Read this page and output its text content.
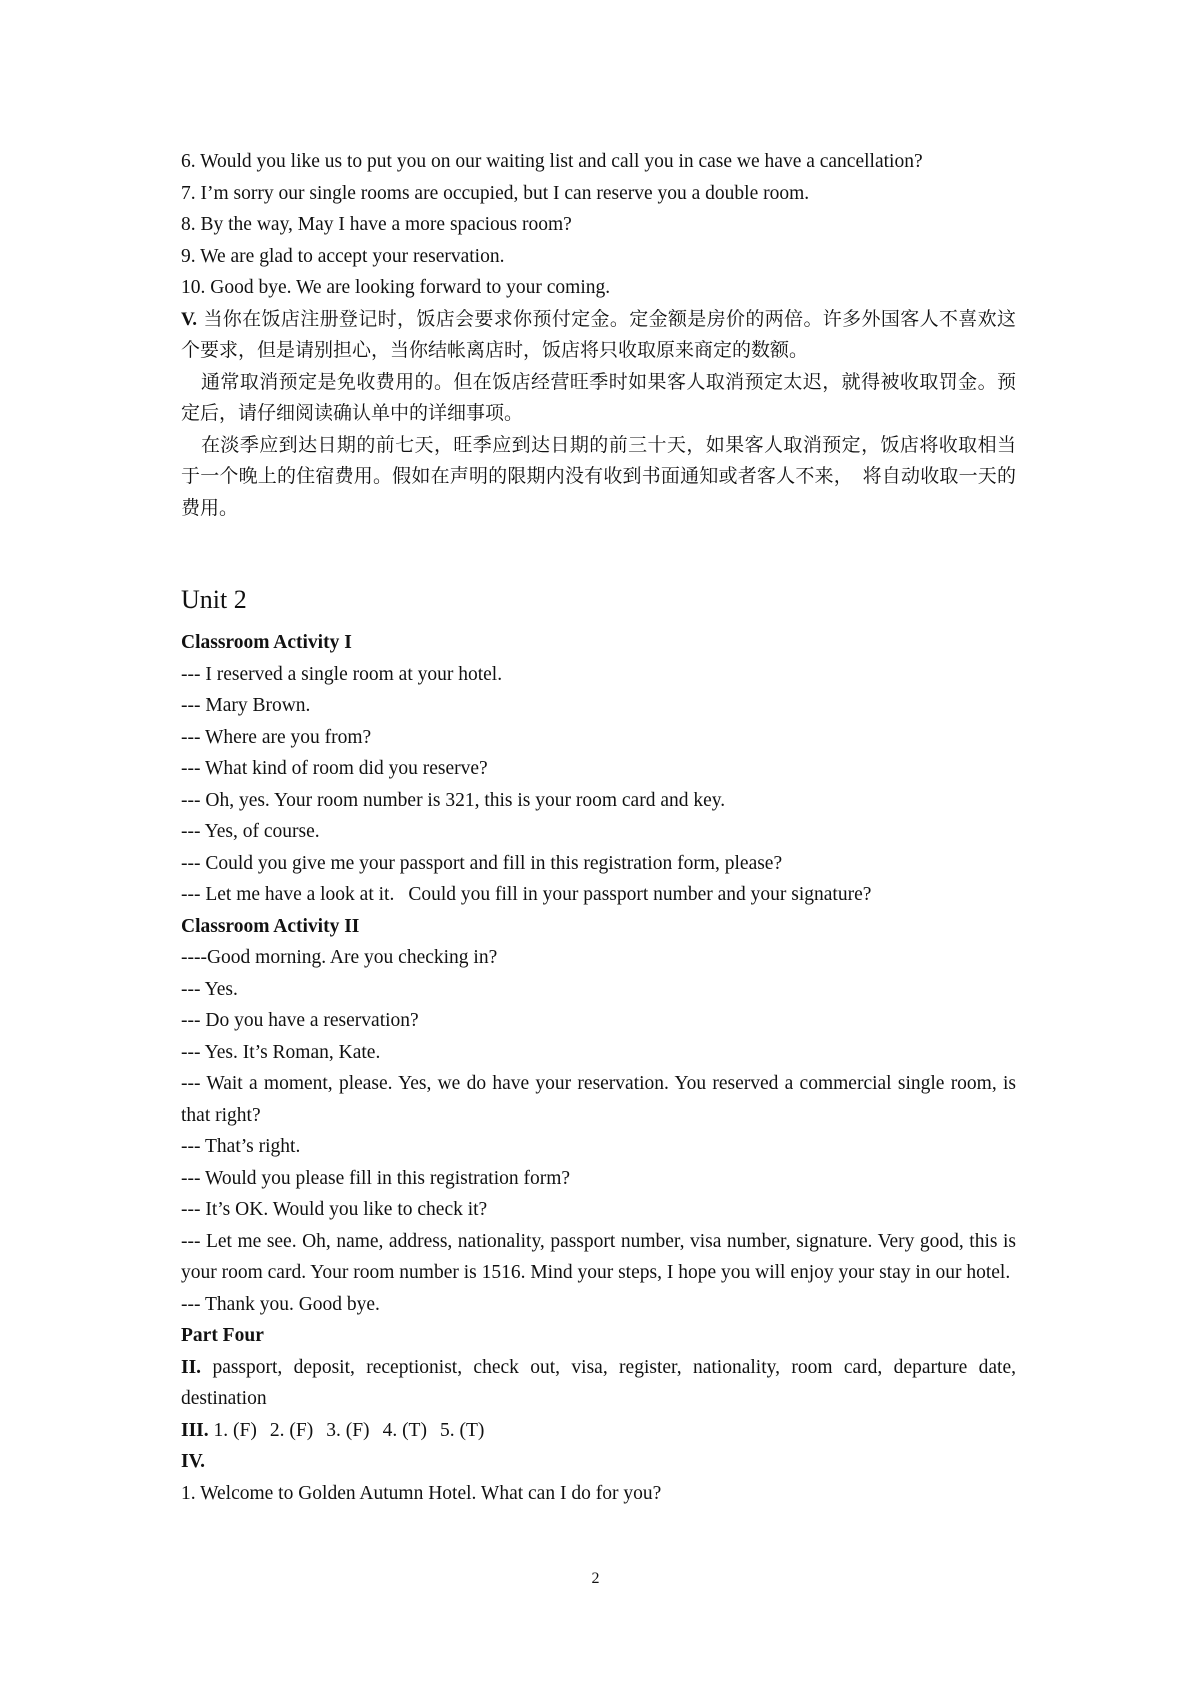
6. Would you like us to put you on our waiting list and call you in case we have a cancellation?

7. I’m sorry our single rooms are occupied, but I can reserve you a double room.

8. By the way, May I have a more spacious room?

9. We are glad to accept your reservation.

10. Good bye. We are looking forward to your coming.

V. 当你在饭店注册登记时，饭店会要求你预付定金。定金额是房价的两倍。许多外国客人不喜欢这个要求，但是请别担心，当你结帐离店时，饭店将只收取原来商定的数额。

通常取消预定是免收费用的。但在饭店经营旺季时如果客人取消预定太迟，就得被收取罚金。预定后，请仔细阅读确认单中的详细事项。

在淡季应到达日期的前七天，旺季应到达日期的前三十天，如果客人取消预定，饭店将收取相当于一个晚上的住宿费用。假如在声明的限期内没有收到书面通知或者客人不来，　将自动收取一天的费用。

Unit 2

Classroom Activity I

--- I reserved a single room at your hotel.

--- Mary Brown.

--- Where are you from?

--- What kind of room did you reserve?

--- Oh, yes. Your room number is 321, this is your room card and key.

--- Yes, of course.

--- Could you give me your passport and fill in this registration form, please?

--- Let me have a look at it. Could you fill in your passport number and your signature?

Classroom Activity II

----Good morning. Are you checking in?

--- Yes.

--- Do you have a reservation?

--- Yes. It’s Roman, Kate.

--- Wait a moment, please. Yes, we do have your reservation. You reserved a commercial single room, is that right?

--- That’s right.

--- Would you please fill in this registration form?

--- It’s OK. Would you like to check it?

--- Let me see. Oh, name, address, nationality, passport number, visa number, signature. Very good, this is your room card. Your room number is 1516. Mind your steps, I hope you will enjoy your stay in our hotel.

--- Thank you. Good bye.

Part Four

II. passport, deposit, receptionist, check out, visa, register, nationality, room card, departure date, destination

III. 1. (F) 2. (F) 3. (F) 4. (T) 5. (T)

IV.

1. Welcome to Golden Autumn Hotel. What can I do for you?

2
